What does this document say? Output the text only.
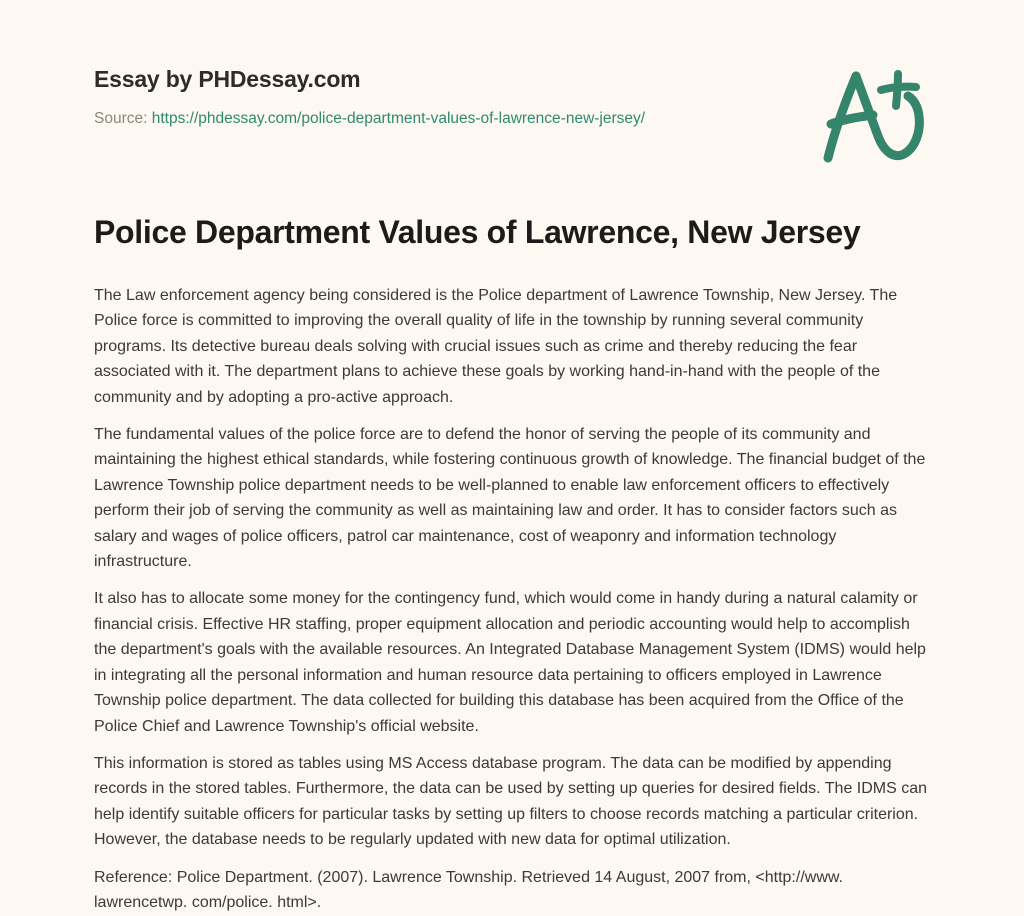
Essay by PHDessay.com
Source: https://phdessay.com/police-department-values-of-lawrence-new-jersey/
Police Department Values of Lawrence, New Jersey

The Law enforcement agency being considered is the Police department of Lawrence Township, New Jersey. The Police force is committed to improving the overall quality of life in the township by running several community programs. Its detective bureau deals solving with crucial issues such as crime and thereby reducing the fear associated with it. The department plans to achieve these goals by working hand-in-hand with the people of the community and by adopting a pro-active approach.

The fundamental values of the police force are to defend the honor of serving the people of its community and maintaining the highest ethical standards, while fostering continuous growth of knowledge. The financial budget of the Lawrence Township police department needs to be well-planned to enable law enforcement officers to effectively perform their job of serving the community as well as maintaining law and order. It has to consider factors such as salary and wages of police officers, patrol car maintenance, cost of weaponry and information technology infrastructure.

It also has to allocate some money for the contingency fund, which would come in handy during a natural calamity or financial crisis. Effective HR staffing, proper equipment allocation and periodic accounting would help to accomplish the department's goals with the available resources. An Integrated Database Management System (IDMS) would help in integrating all the personal information and human resource data pertaining to officers employed in Lawrence Township police department. The data collected for building this database has been acquired from the Office of the Police Chief and Lawrence Township's official website.

This information is stored as tables using MS Access database program. The data can be modified by appending records in the stored tables. Furthermore, the data can be used by setting up queries for desired fields. The IDMS can help identify suitable officers for particular tasks by setting up filters to choose records matching a particular criterion. However, the database needs to be regularly updated with new data for optimal utilization.

Reference: Police Department. (2007). Lawrence Township. Retrieved 14 August, 2007 from, <http://www. lawrencetwp. com/police. html>.
